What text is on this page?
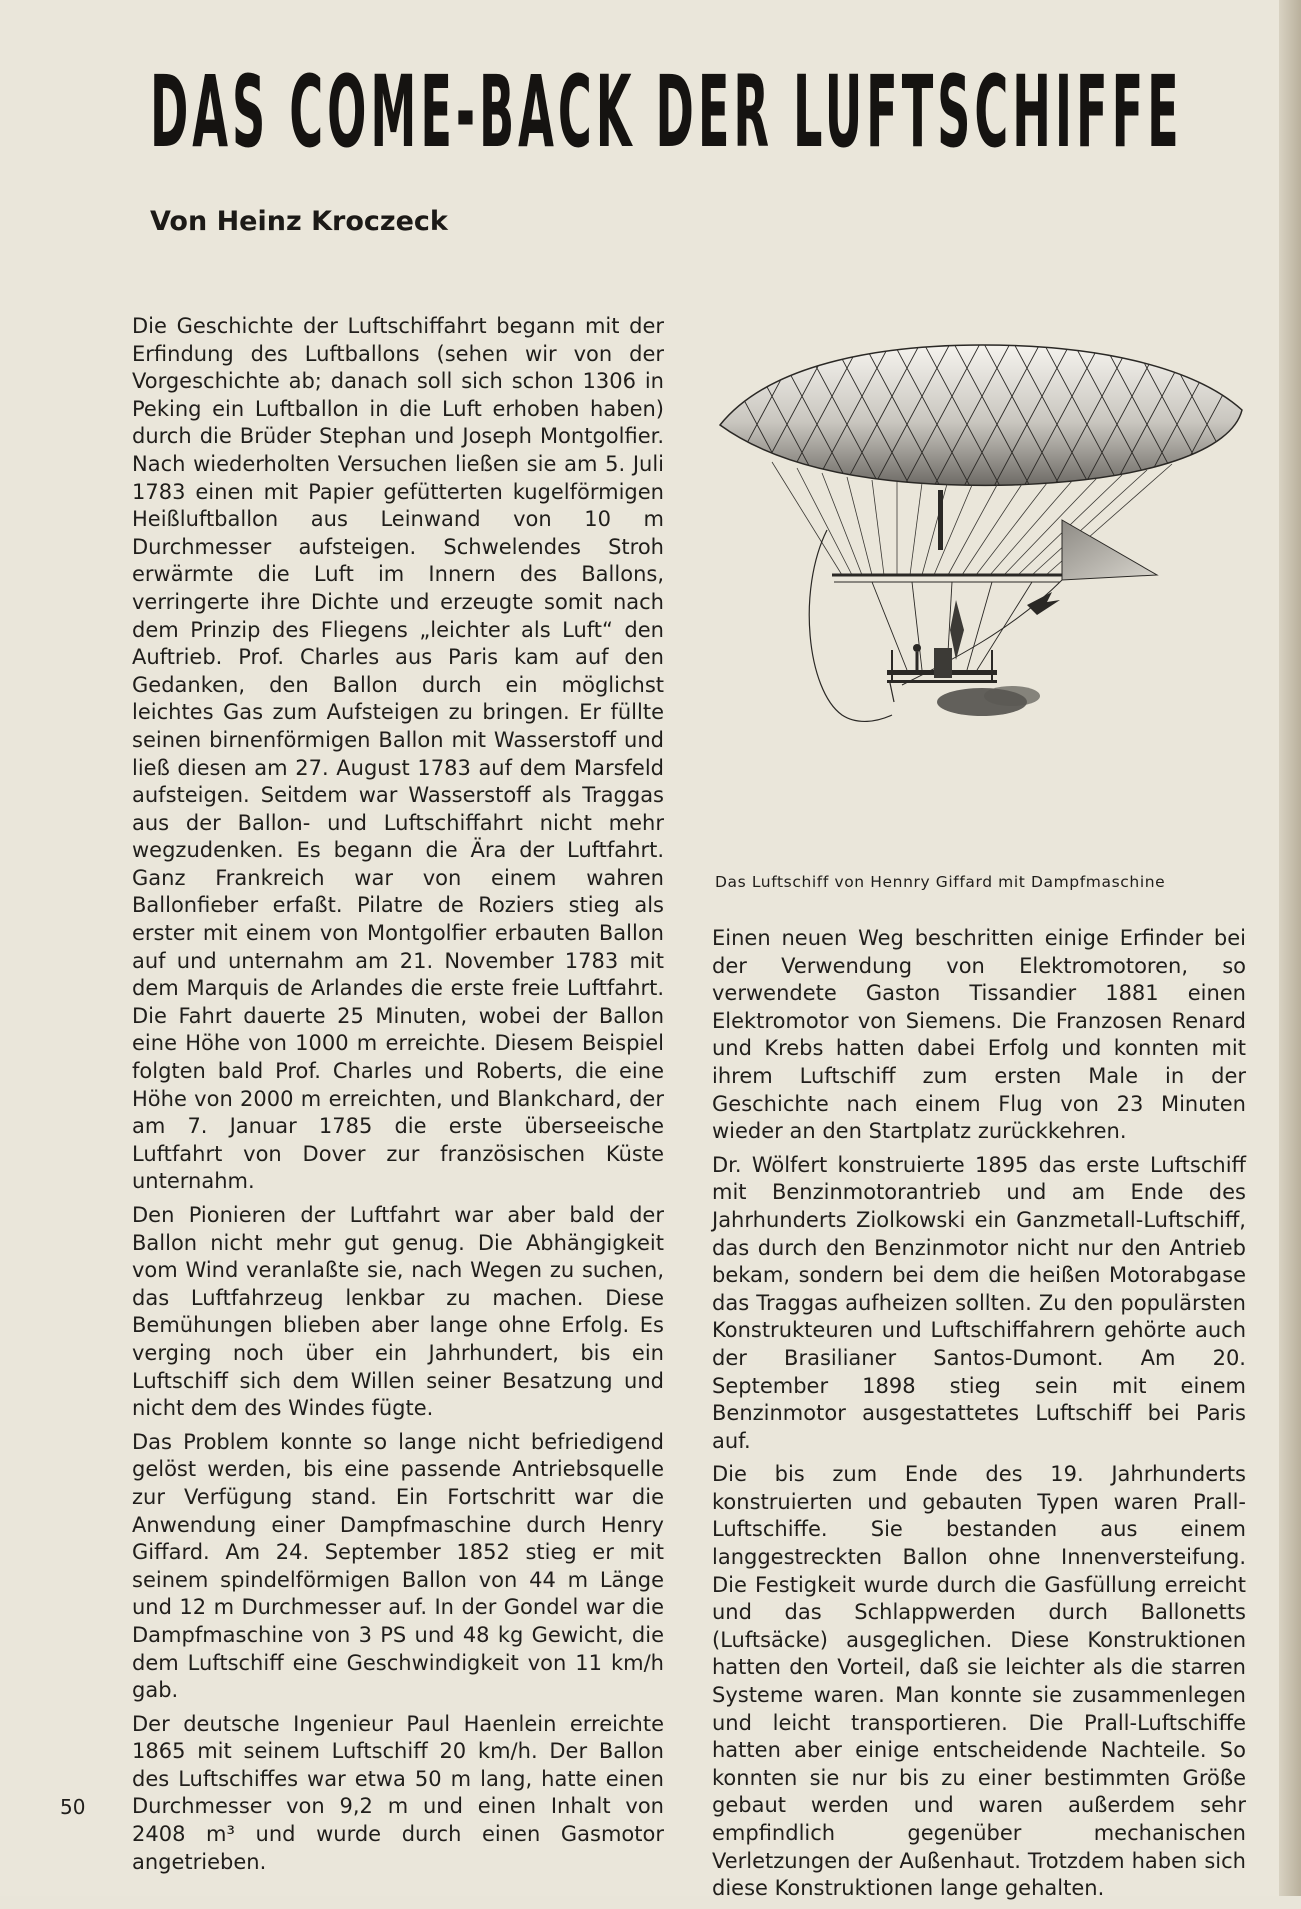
DAS COME-BACK DER LUFTSCHIFFE
Von Heinz Kroczeck

Die Geschichte der Luftschiffahrt begann mit der Erfindung des Luftballons (sehen wir von der Vorgeschichte ab; danach soll sich schon 1306 in Peking ein Luftballon in die Luft erhoben haben) durch die Brüder Stephan und Joseph Montgolfier. Nach wiederholten Versuchen ließen sie am 5. Juli 1783 einen mit Papier gefütterten kugelförmigen Heißluftballon aus Leinwand von 10 m Durchmesser aufsteigen. Schwelendes Stroh erwärmte die Luft im Innern des Ballons, verringerte ihre Dichte und erzeugte somit nach dem Prinzip des Fliegens „leichter als Luft“ den Auftrieb. Prof. Charles aus Paris kam auf den Gedanken, den Ballon durch ein möglichst leichtes Gas zum Aufsteigen zu bringen. Er füllte seinen birnenförmigen Ballon mit Wasserstoff und ließ diesen am 27. August 1783 auf dem Marsfeld aufsteigen. Seitdem war Wasserstoff als Traggas aus der Ballon- und Luftschiffahrt nicht mehr wegzudenken. Es begann die Ära der Luftfahrt. Ganz Frankreich war von einem wahren Ballonfieber erfaßt. Pilatre de Roziers stieg als erster mit einem von Montgolfier erbauten Ballon auf und unternahm am 21. November 1783 mit dem Marquis de Arlandes die erste freie Luftfahrt. Die Fahrt dauerte 25 Minuten, wobei der Ballon eine Höhe von 1000 m erreichte. Diesem Beispiel folgten bald Prof. Charles und Roberts, die eine Höhe von 2000 m erreichten, und Blankchard, der am 7. Januar 1785 die erste überseeische Luftfahrt von Dover zur französischen Küste unternahm.

Den Pionieren der Luftfahrt war aber bald der Ballon nicht mehr gut genug. Die Abhängigkeit vom Wind veranlaßte sie, nach Wegen zu suchen, das Luftfahrzeug lenkbar zu machen. Diese Bemühungen blieben aber lange ohne Erfolg. Es verging noch über ein Jahrhundert, bis ein Luftschiff sich dem Willen seiner Besatzung und nicht dem des Windes fügte.

Das Problem konnte so lange nicht befriedigend gelöst werden, bis eine passende Antriebsquelle zur Verfügung stand. Ein Fortschritt war die Anwendung einer Dampfmaschine durch Henry Giffard. Am 24. September 1852 stieg er mit seinem spindelförmigen Ballon von 44 m Länge und 12 m Durchmesser auf. In der Gondel war die Dampfmaschine von 3 PS und 48 kg Gewicht, die dem Luftschiff eine Geschwindigkeit von 11 km/h gab.

Der deutsche Ingenieur Paul Haenlein erreichte 1865 mit seinem Luftschiff 20 km/h. Der Ballon des Luftschiffes war etwa 50 m lang, hatte einen Durchmesser von 9,2 m und einen Inhalt von 2408 m³ und wurde durch einen Gasmotor angetrieben.

Das Luftschiff von Hennry Giffard mit Dampfmaschine

Einen neuen Weg beschritten einige Erfinder bei der Verwendung von Elektromotoren, so verwendete Gaston Tissandier 1881 einen Elektromotor von Siemens. Die Franzosen Renard und Krebs hatten dabei Erfolg und konnten mit ihrem Luftschiff zum ersten Male in der Geschichte nach einem Flug von 23 Minuten wieder an den Startplatz zurückkehren.

Dr. Wölfert konstruierte 1895 das erste Luftschiff mit Benzinmotorantrieb und am Ende des Jahrhunderts Ziolkowski ein Ganzmetall-Luftschiff, das durch den Benzinmotor nicht nur den Antrieb bekam, sondern bei dem die heißen Motorabgase das Traggas aufheizen sollten. Zu den populärsten Konstrukteuren und Luftschiffahrern gehörte auch der Brasilianer Santos-Dumont. Am 20. September 1898 stieg sein mit einem Benzinmotor ausgestattetes Luftschiff bei Paris auf.

Die bis zum Ende des 19. Jahrhunderts konstruierten und gebauten Typen waren Prall-Luftschiffe. Sie bestanden aus einem langgestreckten Ballon ohne Innenversteifung. Die Festigkeit wurde durch die Gasfüllung erreicht und das Schlappwerden durch Ballonetts (Luftsäcke) ausgeglichen. Diese Konstruktionen hatten den Vorteil, daß sie leichter als die starren Systeme waren. Man konnte sie zusammenlegen und leicht transportieren. Die Prall-Luftschiffe hatten aber einige entscheidende Nachteile. So konnten sie nur bis zu einer bestimmten Größe gebaut werden und waren außerdem sehr empfindlich gegenüber mechanischen Verletzungen der Außenhaut. Trotzdem haben sich diese Konstruktionen lange gehalten.

50
